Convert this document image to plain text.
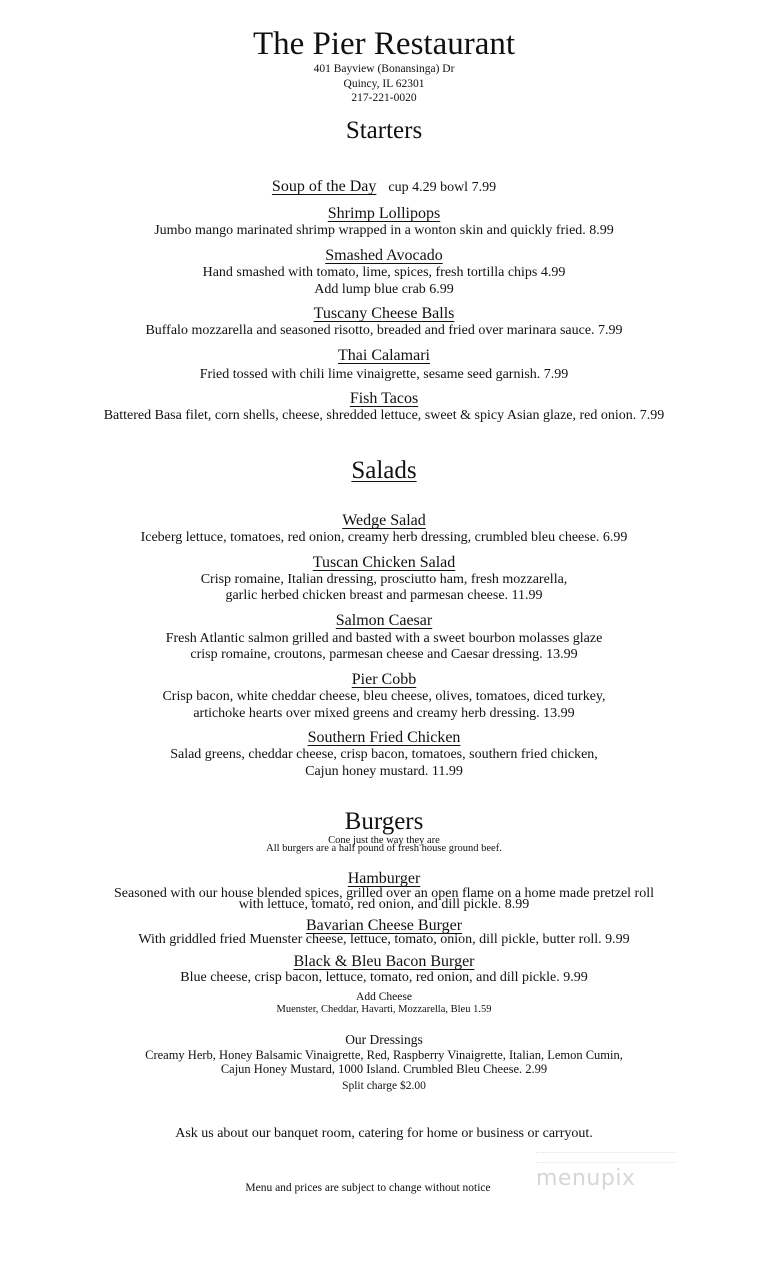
The Pier Restaurant
401 Bayview (Bonansinga) Dr
Quincy, IL 62301
217-221-0020
Starters
Soup of the Day cup 4.29 bowl 7.99
Shrimp Lollipops
Jumbo mango marinated shrimp wrapped in a wonton skin and quickly fried. 8.99
Smashed Avocado
Hand smashed with tomato, lime, spices, fresh tortilla chips 4.99
Add lump blue crab 6.99
Tuscany Cheese Balls
Buffalo mozzarella and seasoned risotto, breaded and fried over marinara sauce. 7.99
Thai Calamari
Fried tossed with chili lime vinaigrette, sesame seed garnish. 7.99
Fish Tacos
Battered Basa filet, corn shells, cheese, shredded lettuce, sweet & spicy Asian glaze, red onion. 7.99
Salads
Wedge Salad
Iceberg lettuce, tomatoes, red onion, creamy herb dressing, crumbled bleu cheese. 6.99
Tuscan Chicken Salad
Crisp romaine, Italian dressing, prosciutto ham, fresh mozzarella,
garlic herbed chicken breast and parmesan cheese. 11.99
Salmon Caesar
Fresh Atlantic salmon grilled and basted with a sweet bourbon molasses glaze
crisp romaine, croutons, parmesan cheese and Caesar dressing. 13.99
Pier Cobb
Crisp bacon, white cheddar cheese, bleu cheese, olives, tomatoes, diced turkey,
artichoke hearts over mixed greens and creamy herb dressing. 13.99
Southern Fried Chicken
Salad greens, cheddar cheese, crisp bacon, tomatoes, southern fried chicken,
Cajun honey mustard. 11.99
Burgers
Cone just the way they are
All burgers are a half pound of fresh house ground beef.
Hamburger
Seasoned with our house blended spices, grilled over an open flame on a home made pretzel roll
with lettuce, tomato, red onion, and dill pickle. 8.99
Bavarian Cheese Burger
With griddled fried Muenster cheese, lettuce, tomato, onion, dill pickle, butter roll. 9.99
Black & Bleu Bacon Burger
Blue cheese, crisp bacon, lettuce, tomato, red onion, and dill pickle. 9.99
Add Cheese
Muenster, Cheddar, Havarti, Mozzarella, Bleu 1.59
Our Dressings
Creamy Herb, Honey Balsamic Vinaigrette, Red, Raspberry Vinaigrette, Italian, Lemon Cumin,
Cajun Honey Mustard, 1000 Island. Crumbled Bleu Cheese. 2.99
Split charge $2.00
Ask us about our banquet room, catering for home or business or carryout.
Menu and prices are subject to change without notice	menupix
